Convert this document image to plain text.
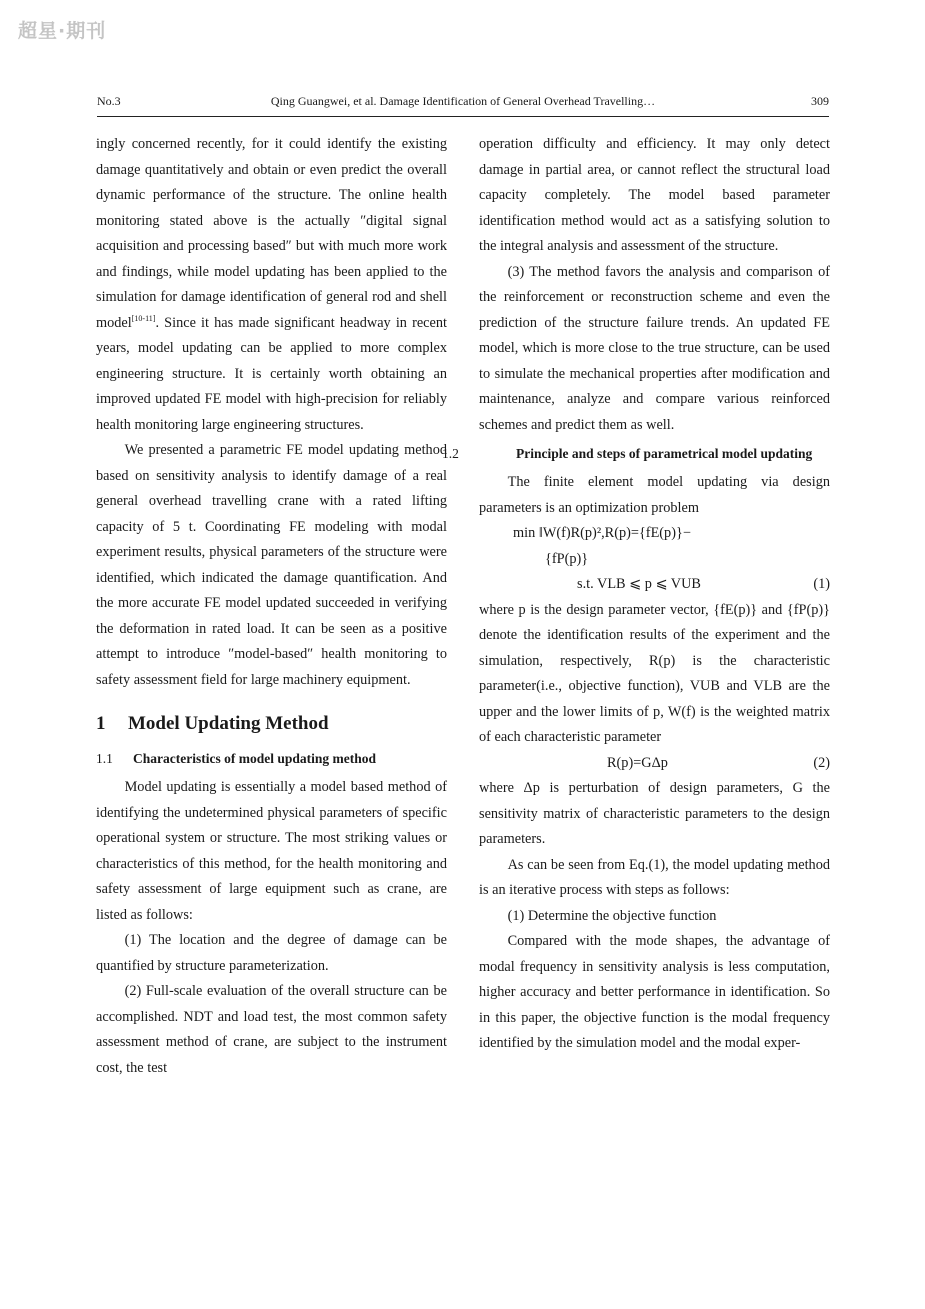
超星·期刊
No.3	Qing Guangwei, et al. Damage Identification of General Overhead Travelling…	309

ingly concerned recently, for it could identify the existing damage quantitatively and obtain or even predict the overall dynamic performance of the structure. The online health monitoring stated above is the actually ″digital signal acquisition and processing based″ but with much more work and findings, while model updating has been applied to the simulation for damage identification of general rod and shell model[10-11]. Since it has made significant headway in recent years, model updating can be applied to more complex engineering structure. It is certainly worth obtaining an improved updated FE model with high-precision for reliably health monitoring large engineering structures.

We presented a parametric FE model updating method based on sensitivity analysis to identify damage of a real general overhead travelling crane with a rated lifting capacity of 5 t. Coordinating FE modeling with modal experiment results, physical parameters of the structure were identified, which indicated the damage quantification. And the more accurate FE model updated succeeded in verifying the deformation in rated load. It can be seen as a positive attempt to introduce ″model-based″ health monitoring to safety assessment field for large machinery equipment.

1 Model Updating Method
1.1 Characteristics of model updating method

Model updating is essentially a model based method of identifying the undetermined physical parameters of specific operational system or structure. The most striking values or characteristics of this method, for the health monitoring and safety assessment of large equipment such as crane, are listed as follows:

(1) The location and the degree of damage can be quantified by structure parameterization.

(2) Full-scale evaluation of the overall structure can be accomplished. NDT and load test, the most common safety assessment method of crane, are subject to the instrument cost, the test

operation difficulty and efficiency. It may only detect damage in partial area, or cannot reflect the structural load capacity completely. The model based parameter identification method would act as a satisfying solution to the integral analysis and assessment of the structure.

(3) The method favors the analysis and comparison of the reinforcement or reconstruction scheme and even the prediction of the structure failure trends. An updated FE model, which is more close to the true structure, can be used to simulate the mechanical properties after modification and maintenance, analyze and compare various reinforced schemes and predict them as well.

1.2	Principle and steps of parametrical model updating

The finite element model updating via design parameters is an optimization problem

min ‖W(f)R(p)²,R(p)={fE(p)}−
{fP(p)}
s.t. VLB ⩽ p ⩽ VUB	(1)

where p is the design parameter vector, {fE(p)} and {fP(p)} denote the identification results of the experiment and the simulation, respectively, R(p) is the characteristic parameter(i.e., objective function), VUB and VLB are the upper and the lower limits of p, W(f) is the weighted matrix of each characteristic parameter

R(p)=GΔp	(2)

where Δp is perturbation of design parameters, G the sensitivity matrix of characteristic parameters to the design parameters.

As can be seen from Eq.(1), the model updating method is an iterative process with steps as follows:

(1) Determine the objective function

Compared with the mode shapes, the advantage of modal frequency in sensitivity analysis is less computation, higher accuracy and better performance in identification. So in this paper, the objective function is the modal frequency identified by the simulation model and the modal exper-
